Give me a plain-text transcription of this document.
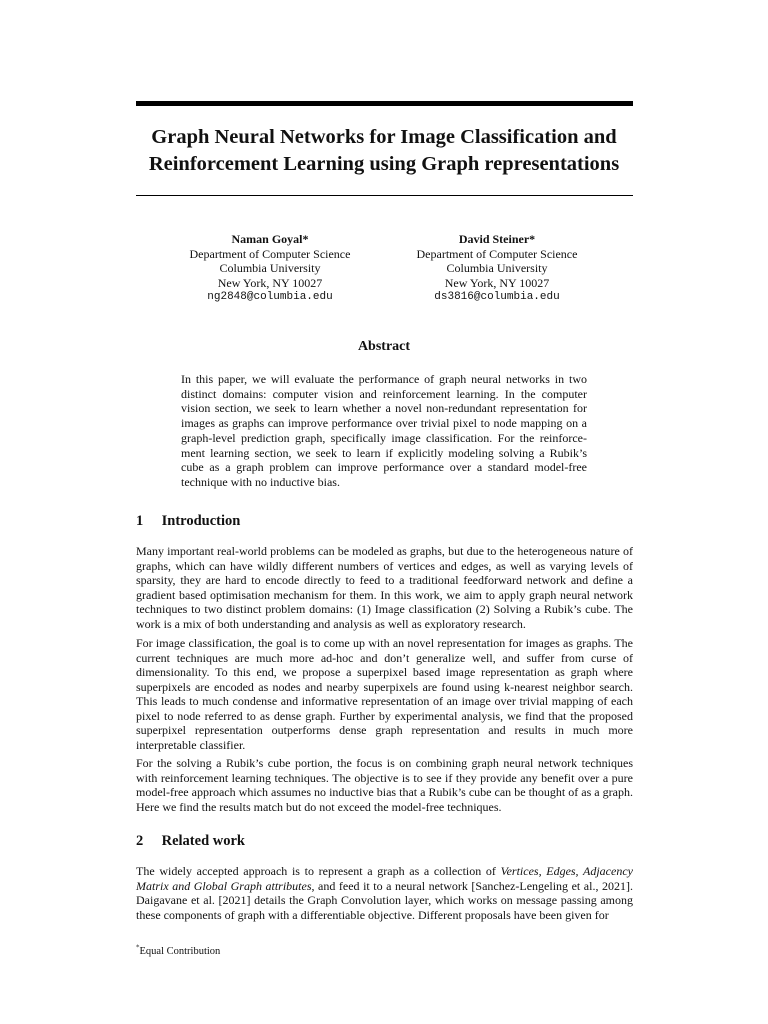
Graph Neural Networks for Image Classification and
Reinforcement Learning using Graph representations
Naman Goyal*
Department of Computer Science
Columbia University
New York, NY 10027
ng2848@columbia.edu
David Steiner*
Department of Computer Science
Columbia University
New York, NY 10027
ds3816@columbia.edu
Abstract
In this paper, we will evaluate the performance of graph neural networks in two distinct domains: computer vision and reinforcement learning. In the computer vision section, we seek to learn whether a novel non-redundant representation for images as graphs can improve performance over trivial pixel to node mapping on a graph-level prediction graph, specifically image classification. For the reinforce-ment learning section, we seek to learn if explicitly modeling solving a Rubik’s cube as a graph problem can improve performance over a standard model-free technique with no inductive bias.
1 Introduction
Many important real-world problems can be modeled as graphs, but due to the heterogeneous nature of graphs, which can have wildly different numbers of vertices and edges, as well as varying levels of sparsity, they are hard to encode directly to feed to a traditional feedforward network and define a gradient based optimisation mechanism for them. In this work, we aim to apply graph neural network techniques to two distinct problem domains: (1) Image classification (2) Solving a Rubik’s cube. The work is a mix of both understanding and analysis as well as exploratory research.
For image classification, the goal is to come up with an novel representation for images as graphs. The current techniques are much more ad-hoc and don’t generalize well, and suffer from curse of dimensionality. To this end, we propose a superpixel based image representation as graph where superpixels are encoded as nodes and nearby superpixels are found using k-nearest neighbor search. This leads to much condense and informative representation of an image over trivial mapping of each pixel to node referred to as dense graph. Further by experimental analysis, we find that the proposed superpixel representation outperforms dense graph representation and results in much more interpretable classifier.
For the solving a Rubik’s cube portion, the focus is on combining graph neural network techniques with reinforcement learning techniques. The objective is to see if they provide any benefit over a pure model-free approach which assumes no inductive bias that a Rubik’s cube can be thought of as a graph. Here we find the results match but do not exceed the model-free techniques.
2 Related work
The widely accepted approach is to represent a graph as a collection of Vertices, Edges, Adjacency Matrix and Global Graph attributes, and feed it to a neural network [Sanchez-Lengeling et al., 2021]. Daigavane et al. [2021] details the Graph Convolution layer, which works on message passing among these components of graph with a differentiable objective. Different proposals have been given for
*Equal Contribution
